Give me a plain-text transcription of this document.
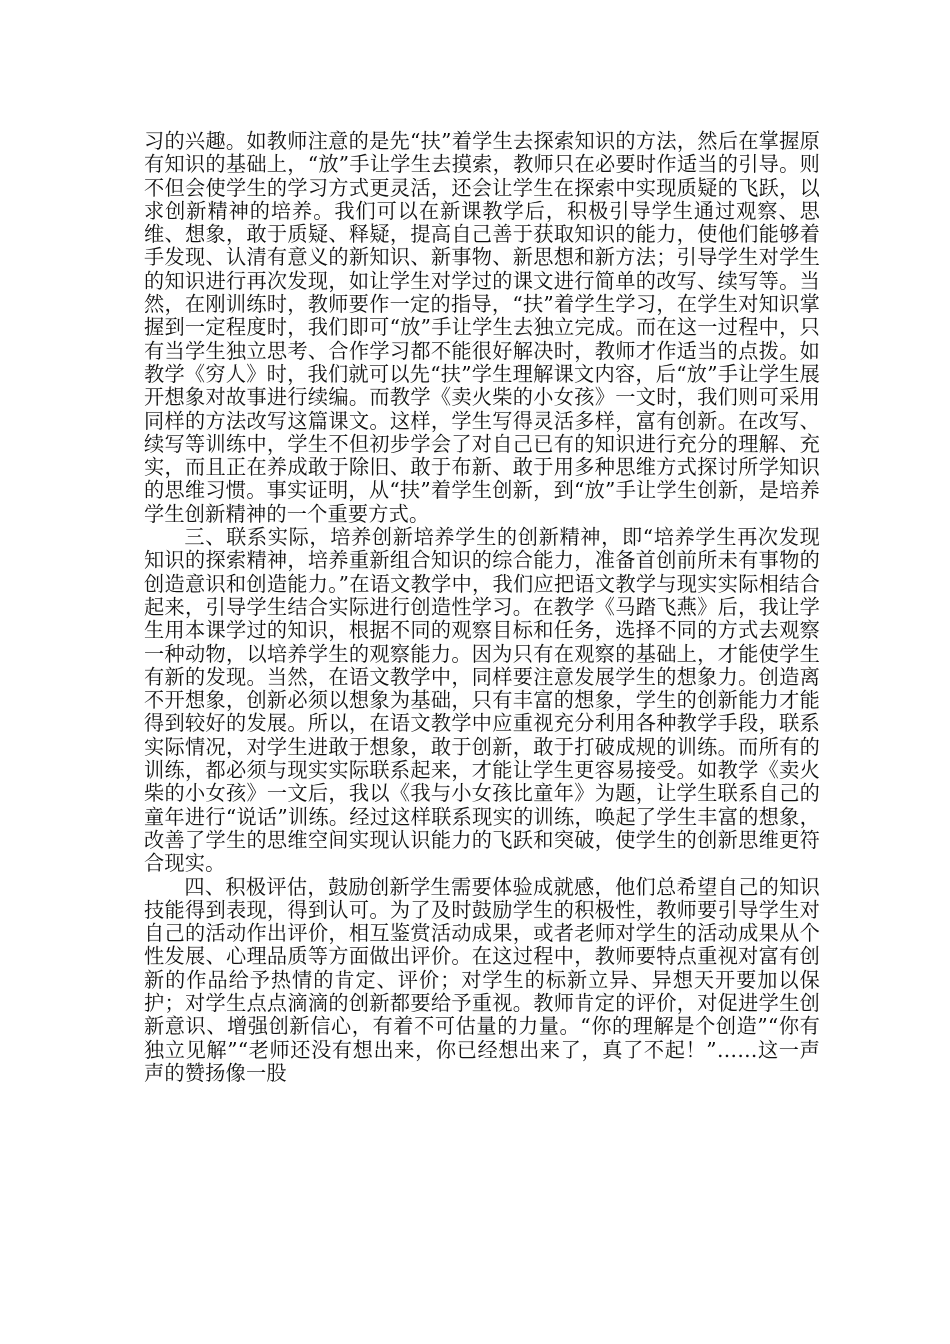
习的兴趣。如教师注意的是先“扶”着学生去探索知识的方法，然后在掌握原有知识的基础上，“放”手让学生去摸索，教师只在必要时作适当的引导。则不但会使学生的学习方式更灵活，还会让学生在探索中实现质疑的飞跃，以求创新精神的培养。我们可以在新课教学后，积极引导学生通过观察、思维、想象，敢于质疑、释疑，提高自己善于获取知识的能力，使他们能够着手发现、认清有意义的新知识、新事物、新思想和新方法；引导学生对学生的知识进行再次发现，如让学生对学过的课文进行简单的改写、续写等。当然，在刚训练时，教师要作一定的指导，“扶”着学生学习，在学生对知识掌握到一定程度时，我们即可“放”手让学生去独立完成。而在这一过程中，只有当学生独立思考、合作学习都不能很好解决时，教师才作适当的点拨。如教学《穷人》时，我们就可以先“扶”学生理解课文内容，后“放”手让学生展开想象对故事进行续编。而教学《卖火柴的小女孩》一文时，我们则可采用同样的方法改写这篇课文。这样，学生写得灵活多样，富有创新。在改写、续写等训练中，学生不但初步学会了对自己已有的知识进行充分的理解、充实，而且正在养成敢于除旧、敢于布新、敢于用多种思维方式探讨所学知识的思维习惯。事实证明，从“扶”着学生创新，到“放”手让学生创新，是培养学生创新精神的一个重要方式。

三、联系实际，培养创新培养学生的创新精神，即“培养学生再次发现知识的探索精神，培养重新组合知识的综合能力，准备首创前所未有事物的创造意识和创造能力。”在语文教学中，我们应把语文教学与现实实际相结合起来，引导学生结合实际进行创造性学习。在教学《马踏飞燕》后，我让学生用本课学过的知识，根据不同的观察目标和任务，选择不同的方式去观察一种动物，以培养学生的观察能力。因为只有在观察的基础上，才能使学生有新的发现。当然，在语文教学中，同样要注意发展学生的想象力。创造离不开想象，创新必须以想象为基础，只有丰富的想象，学生的创新能力才能得到较好的发展。所以，在语文教学中应重视充分利用各种教学手段，联系实际情况，对学生进敢于想象，敢于创新，敢于打破成规的训练。而所有的训练，都必须与现实实际联系起来，才能让学生更容易接受。如教学《卖火柴的小女孩》一文后，我以《我与小女孩比童年》为题，让学生联系自己的童年进行“说话”训练。经过这样联系现实的训练，唤起了学生丰富的想象，改善了学生的思维空间实现认识能力的飞跃和突破，使学生的创新思维更符合现实。

四、积极评估，鼓励创新学生需要体验成就感，他们总希望自己的知识技能得到表现，得到认可。为了及时鼓励学生的积极性，教师要引导学生对自己的活动作出评价，相互鉴赏活动成果，或者老师对学生的活动成果从个性发展、心理品质等方面做出评价。在这过程中，教师要特点重视对富有创新的作品给予热情的肯定、评价；对学生的标新立异、异想天开要加以保护；对学生点点滴滴的创新都要给予重视。教师肯定的评价，对促进学生创新意识、增强创新信心，有着不可估量的力量。“你的理解是个创造”“你有独立见解”“老师还没有想出来，你已经想出来了，真了不起！”……这一声声的赞扬像一股
